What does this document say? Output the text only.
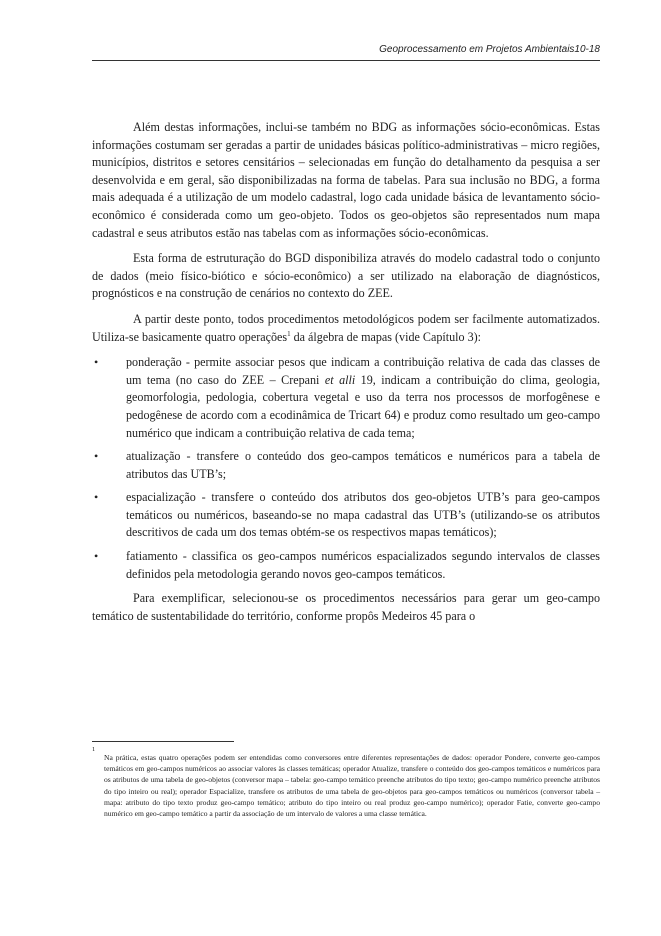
Geoprocessamento em Projetos Ambientais10-18

Além destas informações, inclui-se também no BDG as informações sócio-econômicas. Estas informações costumam ser geradas a partir de unidades básicas político-administrativas – micro regiões, municípios, distritos e setores censitários – selecionadas em função do detalhamento da pesquisa a ser desenvolvida e em geral, são disponibilizadas na forma de tabelas. Para sua inclusão no BDG, a forma mais adequada é a utilização de um modelo cadastral, logo cada unidade básica de levantamento sócio-econômico é considerada como um geo-objeto. Todos os geo-objetos são representados num mapa cadastral e seus atributos estão nas tabelas com as informações sócio-econômicas.

Esta forma de estruturação do BGD disponibiliza através do modelo cadastral todo o conjunto de dados (meio físico-biótico e sócio-econômico) a ser utilizado na elaboração de diagnósticos, prognósticos e na construção de cenários no contexto do ZEE.

A partir deste ponto, todos procedimentos metodológicos podem ser facilmente automatizados. Utiliza-se basicamente quatro operações$^1$ da álgebra de mapas (vide Capítulo 3):

• ponderação - permite associar pesos que indicam a contribuição relativa de cada das classes de um tema (no caso do ZEE – Crepani et alli 19, indicam a contribuição do clima, geologia, geomorfologia, pedologia, cobertura vegetal e uso da terra nos processos de morfogênese e pedogênese de acordo com a ecodinâmica de Tricart 64) e produz como resultado um geo-campo numérico que indicam a contribuição relativa de cada tema;
• atualização - transfere o conteúdo dos geo-campos temáticos e numéricos para a tabela de atributos das UTB’s;
• espacialização - transfere o conteúdo dos atributos dos geo-objetos UTB’s para geo-campos temáticos ou numéricos, baseando-se no mapa cadastral das UTB’s (utilizando-se os atributos descritivos de cada um dos temas obtém-se os respectivos mapas temáticos);
• fatiamento - classifica os geo-campos numéricos espacializados segundo intervalos de classes definidos pela metodologia gerando novos geo-campos temáticos.

Para exemplificar, selecionou-se os procedimentos necessários para gerar um geo-campo temático de sustentabilidade do território, conforme propôs Medeiros 45 para o

1
Na prática, estas quatro operações podem ser entendidas como conversores entre diferentes representações de dados: operador Pondere, converte geo-campos temáticos em geo-campos numéricos ao associar valores às classes temáticas; operador Atualize, transfere o conteúdo dos geo-campos temáticos e numéricos para os atributos de uma tabela de geo-objetos (conversor mapa – tabela: geo-campo temático preenche atributos do tipo texto; geo-campo numérico preenche atributos do tipo inteiro ou real); operador Espacialize, transfere os atributos de uma tabela de geo-objetos para geo-campos temáticos ou numéricos (conversor tabela – mapa: atributo do tipo texto produz geo-campo temático; atributo do tipo inteiro ou real produz geo-campo numérico); operador Fatie, converte geo-campo numérico em geo-campo temático a partir da associação de um intervalo de valores a uma classe temática.
